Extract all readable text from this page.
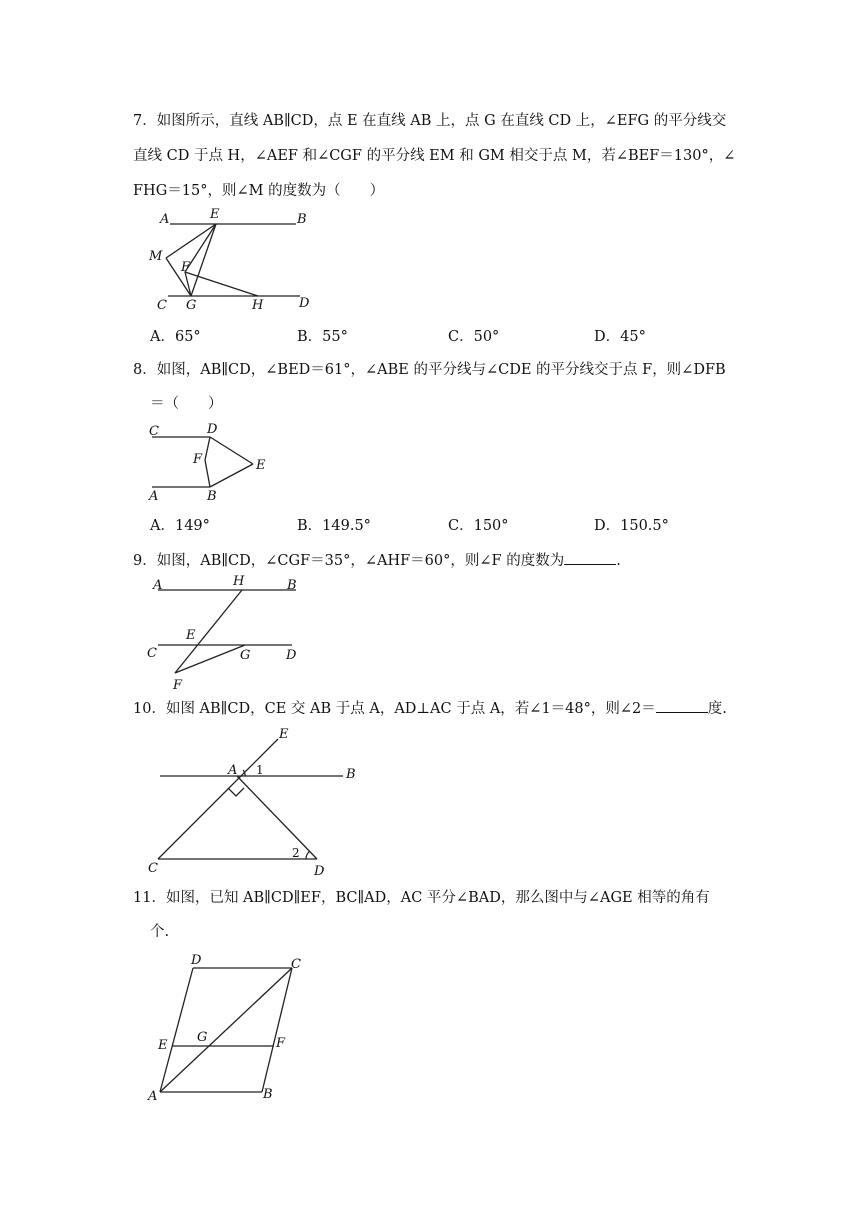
7．如图所示，直线 AB∥CD，点 E 在直线 AB 上，点 G 在直线 CD 上，∠EFG 的平分线交
直线 CD 于点 H，∠AEF 和∠CGF 的平分线 EM 和 GM 相交于点 M，若∠BEF＝130°，∠
FHG＝15°，则∠M 的度数为（　　）
A	E	B
M
F
C G	H	D
A．65°	B．55°	C．50°	D．45°
8．如图，AB∥CD，∠BED＝61°，∠ABE 的平分线与∠CDE 的平分线交于点 F，则∠DFB
＝（　　）
C	D
F	E
A	B
A．149°	B．149.5°	C．150°	D．150.5°
9．如图，AB∥CD，∠CGF＝35°，∠AHF＝60°，则∠F 的度数为	.
A	H	B
E
C	G	D
F
10．如图 AB∥CD，CE 交 AB 于点 A，AD⊥AC 于点 A，若∠1＝48°，则∠2＝	度.
E
A 1	B
C
2
D
11．如图，已知 AB∥CD∥EF，BC∥AD，AC 平分∠BAD，那么图中与∠AGE 相等的角有
个.
D	C
E
G	F
A	B
